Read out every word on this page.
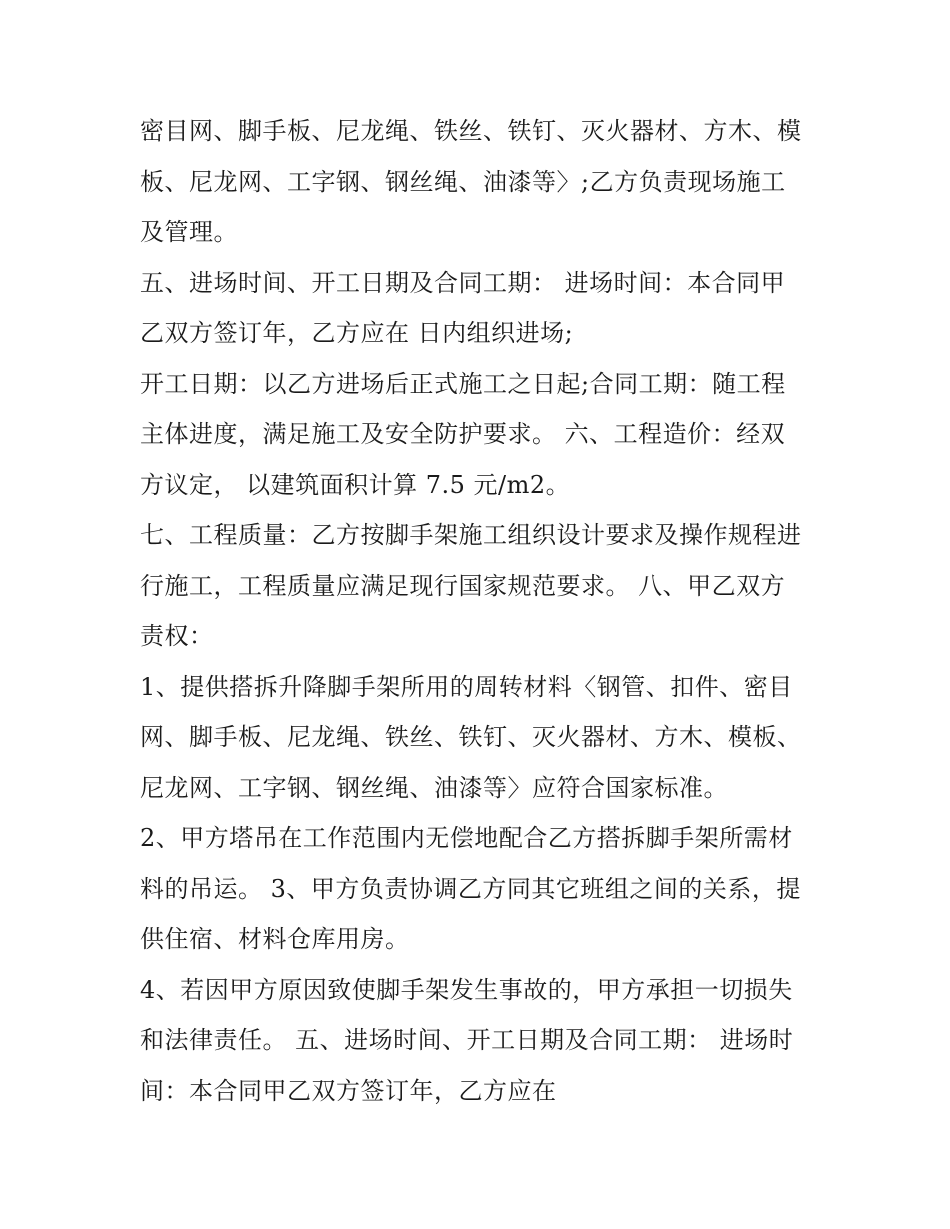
密目网、脚手板、尼龙绳、铁丝、铁钉、灭火器材、方木、模
板、尼龙网、工字钢、钢丝绳、油漆等〉;乙方负责现场施工
及管理。
五、进场时间、开工日期及合同工期： 进场时间：本合同甲
乙双方签订年，乙方应在 日内组织进场;
开工日期：以乙方进场后正式施工之日起;合同工期：随工程
主体进度，满足施工及安全防护要求。 六、工程造价：经双
方议定， 以建筑面积计算 7.5 元/m2。
七、工程质量：乙方按脚手架施工组织设计要求及操作规程进
行施工，工程质量应满足现行国家规范要求。 八、甲乙双方
责权：
1、提供搭拆升降脚手架所用的周转材料〈钢管、扣件、密目
网、脚手板、尼龙绳、铁丝、铁钉、灭火器材、方木、模板、
尼龙网、工字钢、钢丝绳、油漆等〉应符合国家标准。
2、甲方塔吊在工作范围内无偿地配合乙方搭拆脚手架所需材
料的吊运。 3、甲方负责协调乙方同其它班组之间的关系，提
供住宿、材料仓库用房。
4、若因甲方原因致使脚手架发生事故的，甲方承担一切损失
和法律责任。 五、进场时间、开工日期及合同工期： 进场时
间：本合同甲乙双方签订年，乙方应在
